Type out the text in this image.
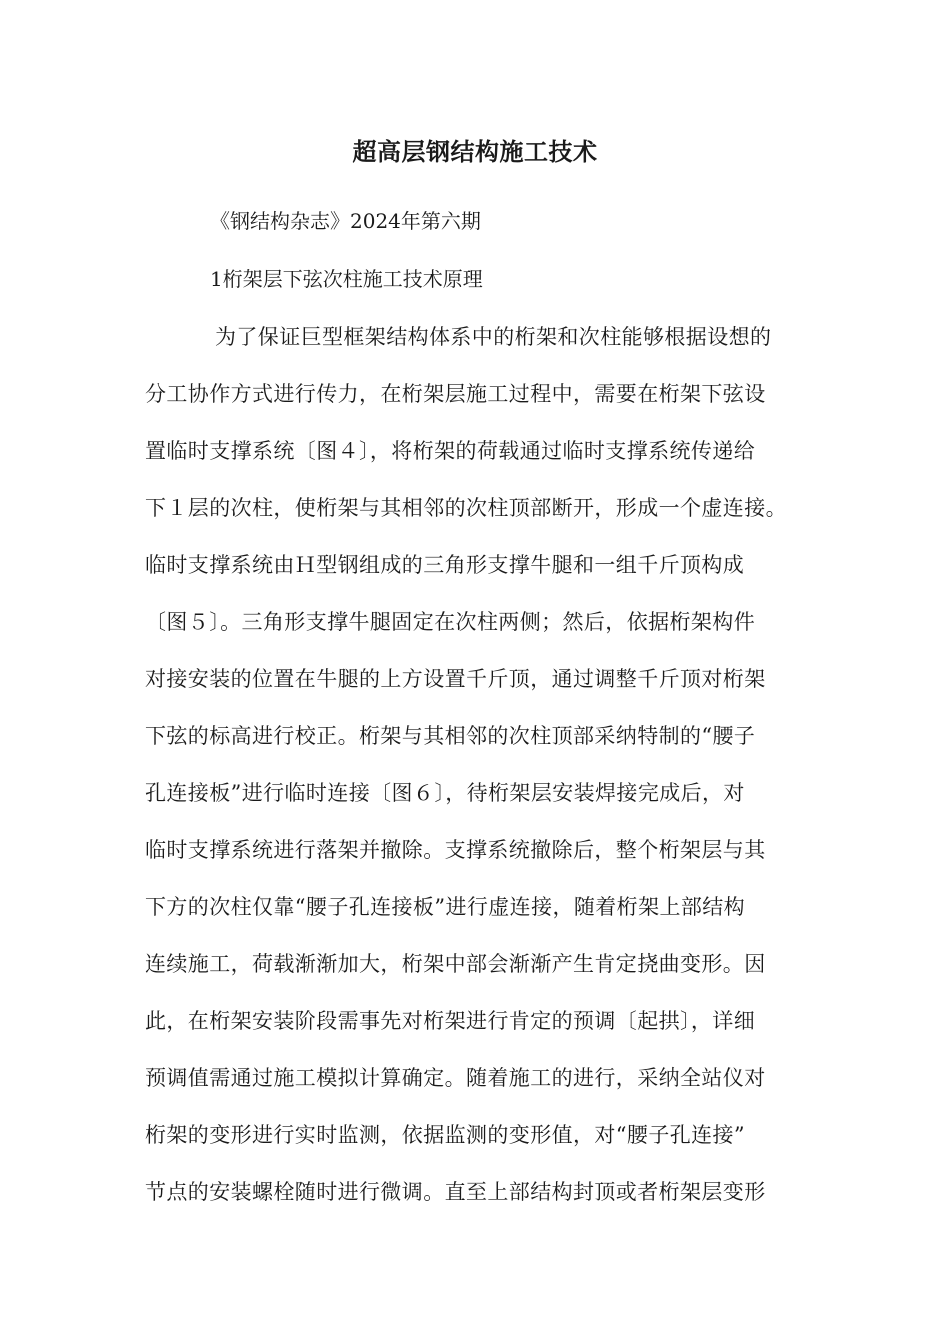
超高层钢结构施工技术

《钢结构杂志》2024年第六期

1桁架层下弦次柱施工技术原理

为了保证巨型框架结构体系中的桁架和次柱能够根据设想的
分工协作方式进行传力，在桁架层施工过程中，需要在桁架下弦设
置临时支撑系统〔图４〕，将桁架的荷载通过临时支撑系统传递给
下１层的次柱，使桁架与其相邻的次柱顶部断开，形成一个虚连接。
临时支撑系统由Ｈ型钢组成的三角形支撑牛腿和一组千斤顶构成
〔图５〕。三角形支撑牛腿固定在次柱两侧；然后，依据桁架构件
对接安装的位置在牛腿的上方设置千斤顶，通过调整千斤顶对桁架
下弦的标高进行校正。桁架与其相邻的次柱顶部采纳特制的“腰子
孔连接板”进行临时连接〔图６〕，待桁架层安装焊接完成后，对
临时支撑系统进行落架并撤除。支撑系统撤除后，整个桁架层与其
下方的次柱仅靠“腰子孔连接板”进行虚连接，随着桁架上部结构
连续施工，荷载渐渐加大，桁架中部会渐渐产生肯定挠曲变形。因
此，在桁架安装阶段需事先对桁架进行肯定的预调〔起拱〕，详细
预调值需通过施工模拟计算确定。随着施工的进行，采纳全站仪对
桁架的变形进行实时监测，依据监测的变形值，对“腰子孔连接”
节点的安装螺栓随时进行微调。直至上部结构封顶或者桁架层变形
